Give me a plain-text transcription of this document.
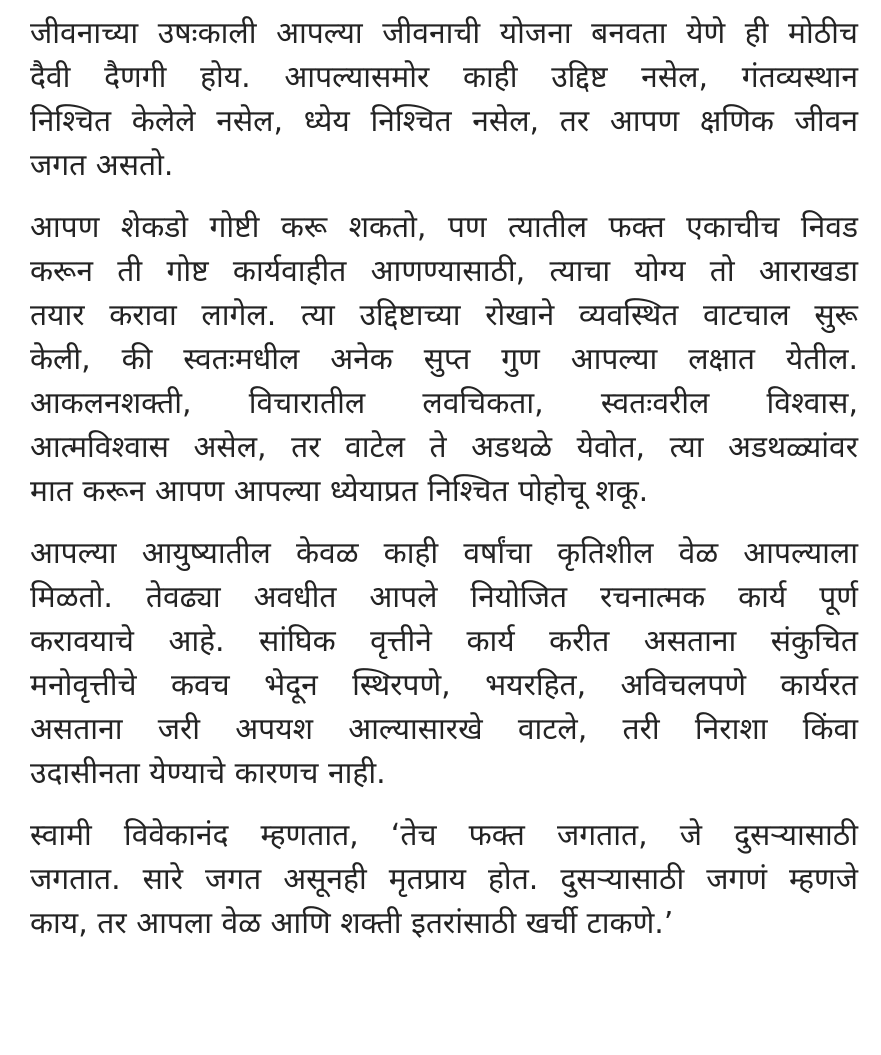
जीवनाच्या उषःकाली आपल्या जीवनाची योजना बनवता येणे ही मोठीच
दैवी दैणगी होय. आपल्यासमोर काही उद्दिष्ट नसेल, गंतव्यस्थान
निश्चित केलेले नसेल, ध्येय निश्चित नसेल, तर आपण क्षणिक जीवन
जगत असतो.
आपण शेकडो गोष्टी करू शकतो, पण त्यातील फक्त एकाचीच निवड
करून ती गोष्ट कार्यवाहीत आणण्यासाठी, त्याचा योग्य तो आराखडा
तयार करावा लागेल. त्या उद्दिष्टाच्या रोखाने व्यवस्थित वाटचाल सुरू
केली, की स्वतःमधील अनेक सुप्त गुण आपल्या लक्षात येतील.
आकलनशक्ती, विचारातील लवचिकता, स्वतःवरील विश्वास,
आत्मविश्वास असेल, तर वाटेल ते अडथळे येवोत, त्या अडथळ्यांवर
मात करून आपण आपल्या ध्येयाप्रत निश्चित पोहोचू शकू.
आपल्या आयुष्यातील केवळ काही वर्षांचा कृतिशील वेळ आपल्याला
मिळतो. तेवढ्या अवधीत आपले नियोजित रचनात्मक कार्य पूर्ण
करावयाचे आहे. सांघिक वृत्तीने कार्य करीत असताना संकुचित
मनोवृत्तीचे कवच भेदून स्थिरपणे, भयरहित, अविचलपणे कार्यरत
असताना जरी अपयश आल्यासारखे वाटले, तरी निराशा किंवा
उदासीनता येण्याचे कारणच नाही.
स्वामी विवेकानंद म्हणतात, ‘तेच फक्त जगतात, जे दुसऱ्यासाठी
जगतात. सारे जगत असूनही मृतप्राय होत. दुसऱ्यासाठी जगणं म्हणजे
काय, तर आपला वेळ आणि शक्ती इतरांसाठी खर्ची टाकणे.’
